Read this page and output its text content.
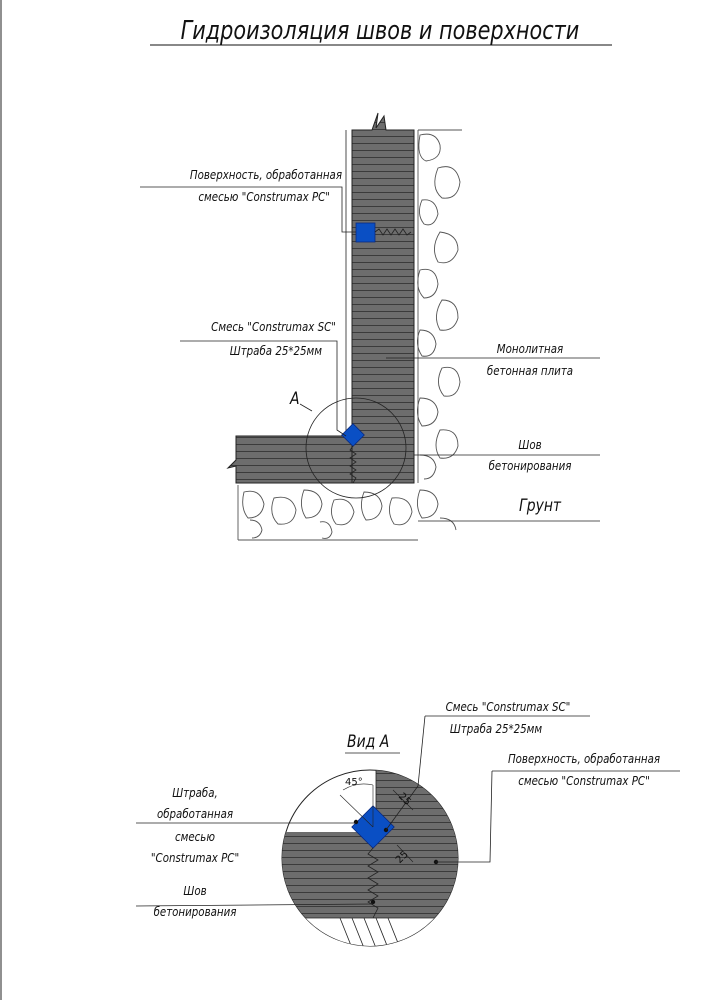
Гидроизоляция швов и поверхности
Поверхность, обработанная
смесью "Construmax PC"
Смесь "Construmax SC"
Штраба 25*25мм	Монолитная
бетонная плита
Шов
бетонирования
Грунт
A
Вид A
Смесь "Construmax SC"
Штраба 25*25мм
Поверхность, обработанная
смесью "Construmax PC"
Штраба,
обработанная
смесью
"Construmax PC"
Шов
бетонирования
45°
25
25
